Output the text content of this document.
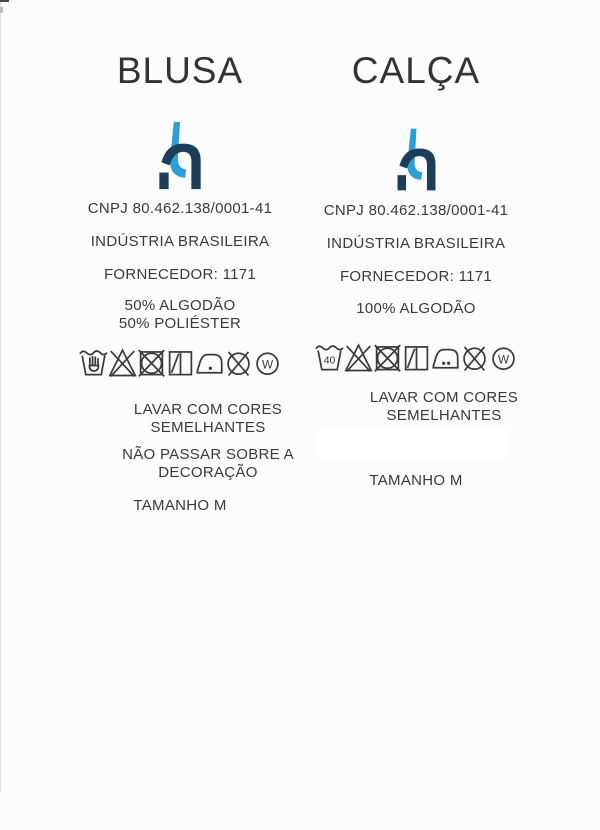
BLUSA
CNPJ 80.462.138/0001-41
INDÚSTRIA BRASILEIRA
FORNECEDOR: 1171
50% ALGODÃO
50% POLIÉSTER
W
LAVAR COM CORES SEMELHANTES
NÃO PASSAR SOBRE A DECORAÇÃO
TAMANHO M
CALÇA
CNPJ 80.462.138/0001-41
INDÚSTRIA BRASILEIRA
FORNECEDOR: 1171
100% ALGODÃO
40	W
LAVAR COM CORES SEMELHANTES
TAMANHO M
